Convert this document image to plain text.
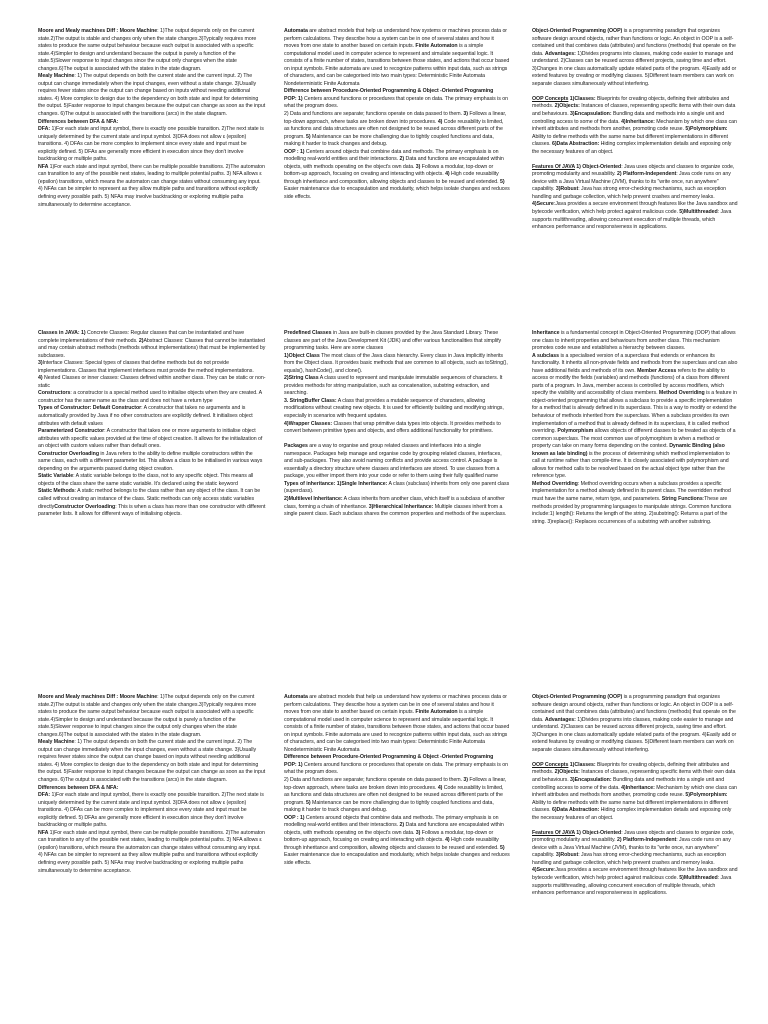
Moore and Mealy machines Diff : Moore Machine: 1)The output depends only on the current state.2)The output is stable and changes only when the state changes.3)Typically requires more states to produce the same output behaviour because each output is associated with a specific state.4)Simpler to design and understand because the output is purely a function of the state.5)Slower response to input changes since the output only changes when the state changes.6)The output is associated with the states in the state diagram.

Mealy Machine: 1) The output depends on both the current state and the current input. 2) The output can change immediately when the input changes, even without a state change. 3)Usually requires fewer states since the output can change based on inputs without needing additional states. 4) More complex to design due to the dependency on both state and input for determining the output. 5)Faster response to input changes because the output can change as soon as the input changes. 6)The output is associated with the transitions (arcs) in the state diagram.

Differences between DFA & NFA:

DFA: 1)For each state and input symbol, there is exactly one possible transition. 2)The next state is uniquely determined by the current state and input symbol. 3)DFA does not allow ε (epsilon) transitions. 4) DFAs can be more complex to implement since every state and input must be explicitly defined. 5) DFAs are generally more efficient in execution since they don't involve backtracking or multiple paths.

NFA 1)For each state and input symbol, there can be multiple possible transitions. 2)The automaton can transition to any of the possible next states, leading to multiple potential paths. 3) NFA allows ε (epsilon) transitions, which means the automaton can change states without consuming any input. 4) NFAs can be simpler to represent as they allow multiple paths and transitions without explicitly defining every possible path. 5) NFAs may involve backtracking or exploring multiple paths simultaneously to determine acceptance.

Automata are abstract models that help us understand how systems or machines process data or perform calculations. They describe how a system can be in one of several states and how it moves from one state to another based on certain inputs. Finite Automaton is a simple computational model used in computer science to represent and simulate sequential logic. It consists of a finite number of states, transitions between those states, and actions that occur based on input symbols. Finite automata are used to recognize patterns within input data, such as strings of characters, and can be categorised into two main types: Deterministic Finite Automata Nondeterministic Finite Automata

Difference between Procedure-Oriented Programming & Object -Oriented Programing

POP: 1) Centers around functions or procedures that operate on data. The primary emphasis is on what the program does.

2) Data and functions are separate; functions operate on data passed to them. 3) Follows a linear, top-down approach, where tasks are broken down into procedures. 4) Code reusability is limited, as functions and data structures are often not designed to be reused across different parts of the program. 5) Maintenance can be more challenging due to tightly coupled functions and data, making it harder to track changes and debug.

OOP : 1) Centers around objects that combine data and methods. The primary emphasis is on modelling real-world entities and their interactions. 2) Data and functions are encapsulated within objects, with methods operating on the object's own data. 3) Follows a modular, top-down or bottom-up approach, focusing on creating and interacting with objects. 4) High code reusability through inheritance and composition, allowing objects and classes to be reused and extended. 5) Easier maintenance due to encapsulation and modularity, which helps isolate changes and reduces side effects.

Object-Oriented Programming (OOP) is a programming paradigm that organizes software design around objects, rather than functions or logic. An object in OOP is a self-contained unit that combines data (attributes) and functions (methods) that operate on the data. Advantages: 1)Divides programs into classes, making code easier to manage and understand. 2)Classes can be reused across different projects, saving time and effort.

3)Changes in one class automatically update related parts of the program. 4)Easily add or extend features by creating or modifying classes. 5)Different team members can work on separate classes simultaneously without interfering.

OOP Concepts 1)Classes: Blueprints for creating objects, defining their attributes and methods. 2)Objects: Instances of classes, representing specific items with their own data and behaviours. 3)Encapsulation: Bundling data and methods into a single unit and controlling access to some of the data. 4)Inheritance: Mechanism by which one class can inherit attributes and methods from another, promoting code reuse. 5)Polymorphism: Ability to define methods with the same name but different implementations in different classes. 6)Data Abstraction: Hiding complex implementation details and exposing only the necessary features of an object.

Features Of JAVA 1) Object-Oriented: Java uses objects and classes to organize code, promoting modularity and reusability. 2) Platform-Independent: Java code runs on any device with a Java Virtual Machine (JVM), thanks to its "write once, run anywhere" capability. 3)Robust: Java has strong error-checking mechanisms, such as exception handling and garbage collection, which help prevent crashes and memory leaks.

4)Secure:Java provides a secure environment through features like the Java sandbox and bytecode verification, which help protect against malicious code. 5)Multithreaded: Java supports multithreading, allowing concurrent execution of multiple threads, which enhances performance and responsiveness in applications.

Classes in JAVA: 1) Concrete Classes: Regular classes that can be instantiated and have complete implementations of their methods. 2)Abstract Classes: Classes that cannot be instantiated and may contain abstract methods (methods without implementations) that must be implemented by subclasses.

3)Interface Classes: Special types of classes that define methods but do not provide implementations. Classes that implement interfaces must provide the method implementations.

4) Nested Classes or inner classes: Classes defined within another class. They can be static or non-static

Constructors: a constructor is a special method used to initialise objects when they are created. A constructor has the same name as the class and does not have a return type

Types of Constructor: Default Constructor: A constructor that takes no arguments and is automatically provided by Java if no other constructors are explicitly defined. It initialises object attributes with default values

Parameterized Constructor: A constructor that takes one or more arguments to initialise object attributes with specific values provided at the time of object creation. It allows for the initialization of an object with custom values rather than default ones.

Constructor Overloading in Java refers to the ability to define multiple constructors within the same class, each with a different parameter list. This allows a class to be initialised in various ways depending on the arguments passed during object creation.

Static Variable: A static variable belongs to the class, not to any specific object. This means all objects of the class share the same static variable. It's declared using the static keyword

Static Methods: A static method belongs to the class rather than any object of the class. It can be called without creating an instance of the class. Static methods can only access static variables directlyConstructor Overloading: This is when a class has more than one constructor with different parameter lists. It allows for different ways of initialising objects.

Predefined Classes in Java are built-in classes provided by the Java Standard Library. These classes are part of the Java Development Kit (JDK) and offer various functionalities that simplify programming tasks. Here are some classes

1)Object Class The most class of the Java class hierarchy. Every class in Java implicitly inherits from the Object class. It provides basic methods that are common to all objects, such as toString(), equals(), hashCode(), and clone().

2)String Class A class used to represent and manipulate immutable sequences of characters. It provides methods for string manipulation, such as concatenation, substring extraction, and searching.

3. StringBuffer Class: A class that provides a mutable sequence of characters, allowing modifications without creating new objects. It is used for efficiently building and modifying strings, especially in scenarios with frequent updates.

4)Wrapper Classes: Classes that wrap primitive data types into objects. It provides methods to convert between primitive types and objects, and offers additional functionality for primitives.

Packages are a way to organise and group related classes and interfaces into a single namespace. Packages help manage and organise code by grouping related classes, interfaces, and sub-packages. They also avoid naming conflicts and provide access control. A package is essentially a directory structure where classes and interfaces are stored. To use classes from a package, you either import them into your code or refer to them using their fully qualified name

Types of inheritance: 1)Single Inheritance: A class (subclass) inherits from only one parent class (superclass).

2)Multilevel Inheritance: A class inherits from another class, which itself is a subclass of another class, forming a chain of inheritance. 3)Hierarchical Inheritance: Multiple classes inherit from a single parent class. Each subclass shares the common properties and methods of the superclass.

Inheritance is a fundamental concept in Object-Oriented Programming (OOP) that allows one class to inherit properties and behaviours from another class. This mechanism promotes code reuse and establishes a hierarchy between classes.

A subclass is a specialised version of a superclass that extends or enhances its functionality. It inherits all non-private fields and methods from the superclass and can also have additional fields and methods of its own. Member Access refers to the ability to access or modify the fields (variables) and methods (functions) of a class from different parts of a program. In Java, member access is controlled by access modifiers, which specify the visibility and accessibility of class members. Method Overriding is a feature in object-oriented programming that allows a subclass to provide a specific implementation for a method that is already defined in its superclass. This is a way to modify or extend the behaviour of methods inherited from the superclass. When a subclass provides its own implementation of a method that is already defined in its superclass, it is called method overriding. Polymorphism allows objects of different classes to be treated as objects of a common superclass. The most common use of polymorphism is when a method or property can take on many forms depending on the context. Dynamic Binding (also known as late binding) is the process of determining which method implementation to call at runtime rather than compile-time. It is closely associated with polymorphism and allows for method calls to be resolved based on the actual object type rather than the reference type.

Method Overriding: Method overriding occurs when a subclass provides a specific implementation for a method already defined in its parent class. The overridden method must have the same name, return type, and parameters. String Functions:These are methods provided by programming languages to manipulate strings. Common functions include:1) length(): Returns the length of the string. 2)substring(): Returns a part of the string. 3)replace(): Replaces occurrences of a substring with another substring.

Moore and Mealy machines Diff : Moore Machine: 1)The output depends only on the current state.2)The output is stable and changes only when the state changes.3)Typically requires more states to produce the same output behaviour because each output is associated with a specific state.4)Simpler to design and understand because the output is purely a function of the state.5)Slower response to input changes since the output only changes when the state changes.6)The output is associated with the states in the state diagram.

Mealy Machine: 1) The output depends on both the current state and the current input. 2) The output can change immediately when the input changes, even without a state change. 3)Usually requires fewer states since the output can change based on inputs without needing additional states. 4) More complex to design due to the dependency on both state and input for determining the output. 5)Faster response to input changes because the output can change as soon as the input changes. 6)The output is associated with the transitions (arcs) in the state diagram.

Differences between DFA & NFA:

DFA: 1)For each state and input symbol, there is exactly one possible transition. 2)The next state is uniquely determined by the current state and input symbol. 3)DFA does not allow ε (epsilon) transitions. 4) DFAs can be more complex to implement since every state and input must be explicitly defined. 5) DFAs are generally more efficient in execution since they don't involve backtracking or multiple paths.

NFA 1)For each state and input symbol, there can be multiple possible transitions. 2)The automaton can transition to any of the possible next states, leading to multiple potential paths. 3) NFA allows ε (epsilon) transitions, which means the automaton can change states without consuming any input. 4) NFAs can be simpler to represent as they allow multiple paths and transitions without explicitly defining every possible path. 5) NFAs may involve backtracking or exploring multiple paths simultaneously to determine acceptance.

Automata are abstract models that help us understand how systems or machines process data or perform calculations. They describe how a system can be in one of several states and how it moves from one state to another based on certain inputs. Finite Automaton is a simple computational model used in computer science to represent and simulate sequential logic. It consists of a finite number of states, transitions between those states, and actions that occur based on input symbols. Finite automata are used to recognize patterns within input data, such as strings of characters, and can be categorised into two main types: Deterministic Finite Automata Nondeterministic Finite Automata

Difference between Procedure-Oriented Programming & Object -Oriented Programing

POP: 1) Centers around functions or procedures that operate on data. The primary emphasis is on what the program does.

2) Data and functions are separate; functions operate on data passed to them. 3) Follows a linear, top-down approach, where tasks are broken down into procedures. 4) Code reusability is limited, as functions and data structures are often not designed to be reused across different parts of the program. 5) Maintenance can be more challenging due to tightly coupled functions and data, making it harder to track changes and debug.

OOP : 1) Centers around objects that combine data and methods. The primary emphasis is on modelling real-world entities and their interactions. 2) Data and functions are encapsulated within objects, with methods operating on the object's own data. 3) Follows a modular, top-down or bottom-up approach, focusing on creating and interacting with objects. 4) High code reusability through inheritance and composition, allowing objects and classes to be reused and extended. 5) Easier maintenance due to encapsulation and modularity, which helps isolate changes and reduces side effects.

Object-Oriented Programming (OOP) is a programming paradigm that organizes software design around objects, rather than functions or logic. An object in OOP is a self-contained unit that combines data (attributes) and functions (methods) that operate on the data. Advantages: 1)Divides programs into classes, making code easier to manage and understand. 2)Classes can be reused across different projects, saving time and effort.

3)Changes in one class automatically update related parts of the program. 4)Easily add or extend features by creating or modifying classes. 5)Different team members can work on separate classes simultaneously without interfering.

OOP Concepts 1)Classes: Blueprints for creating objects, defining their attributes and methods. 2)Objects: Instances of classes, representing specific items with their own data and behaviours. 3)Encapsulation: Bundling data and methods into a single unit and controlling access to some of the data. 4)Inheritance: Mechanism by which one class can inherit attributes and methods from another, promoting code reuse. 5)Polymorphism: Ability to define methods with the same name but different implementations in different classes. 6)Data Abstraction: Hiding complex implementation details and exposing only the necessary features of an object.

Features Of JAVA 1) Object-Oriented: Java uses objects and classes to organize code, promoting modularity and reusability. 2) Platform-Independent: Java code runs on any device with a Java Virtual Machine (JVM), thanks to its "write once, run anywhere" capability. 3)Robust: Java has strong error-checking mechanisms, such as exception handling and garbage collection, which help prevent crashes and memory leaks.

4)Secure:Java provides a secure environment through features like the Java sandbox and bytecode verification, which help protect against malicious code. 5)Multithreaded: Java supports multithreading, allowing concurrent execution of multiple threads, which enhances performance and responsiveness in applications.
